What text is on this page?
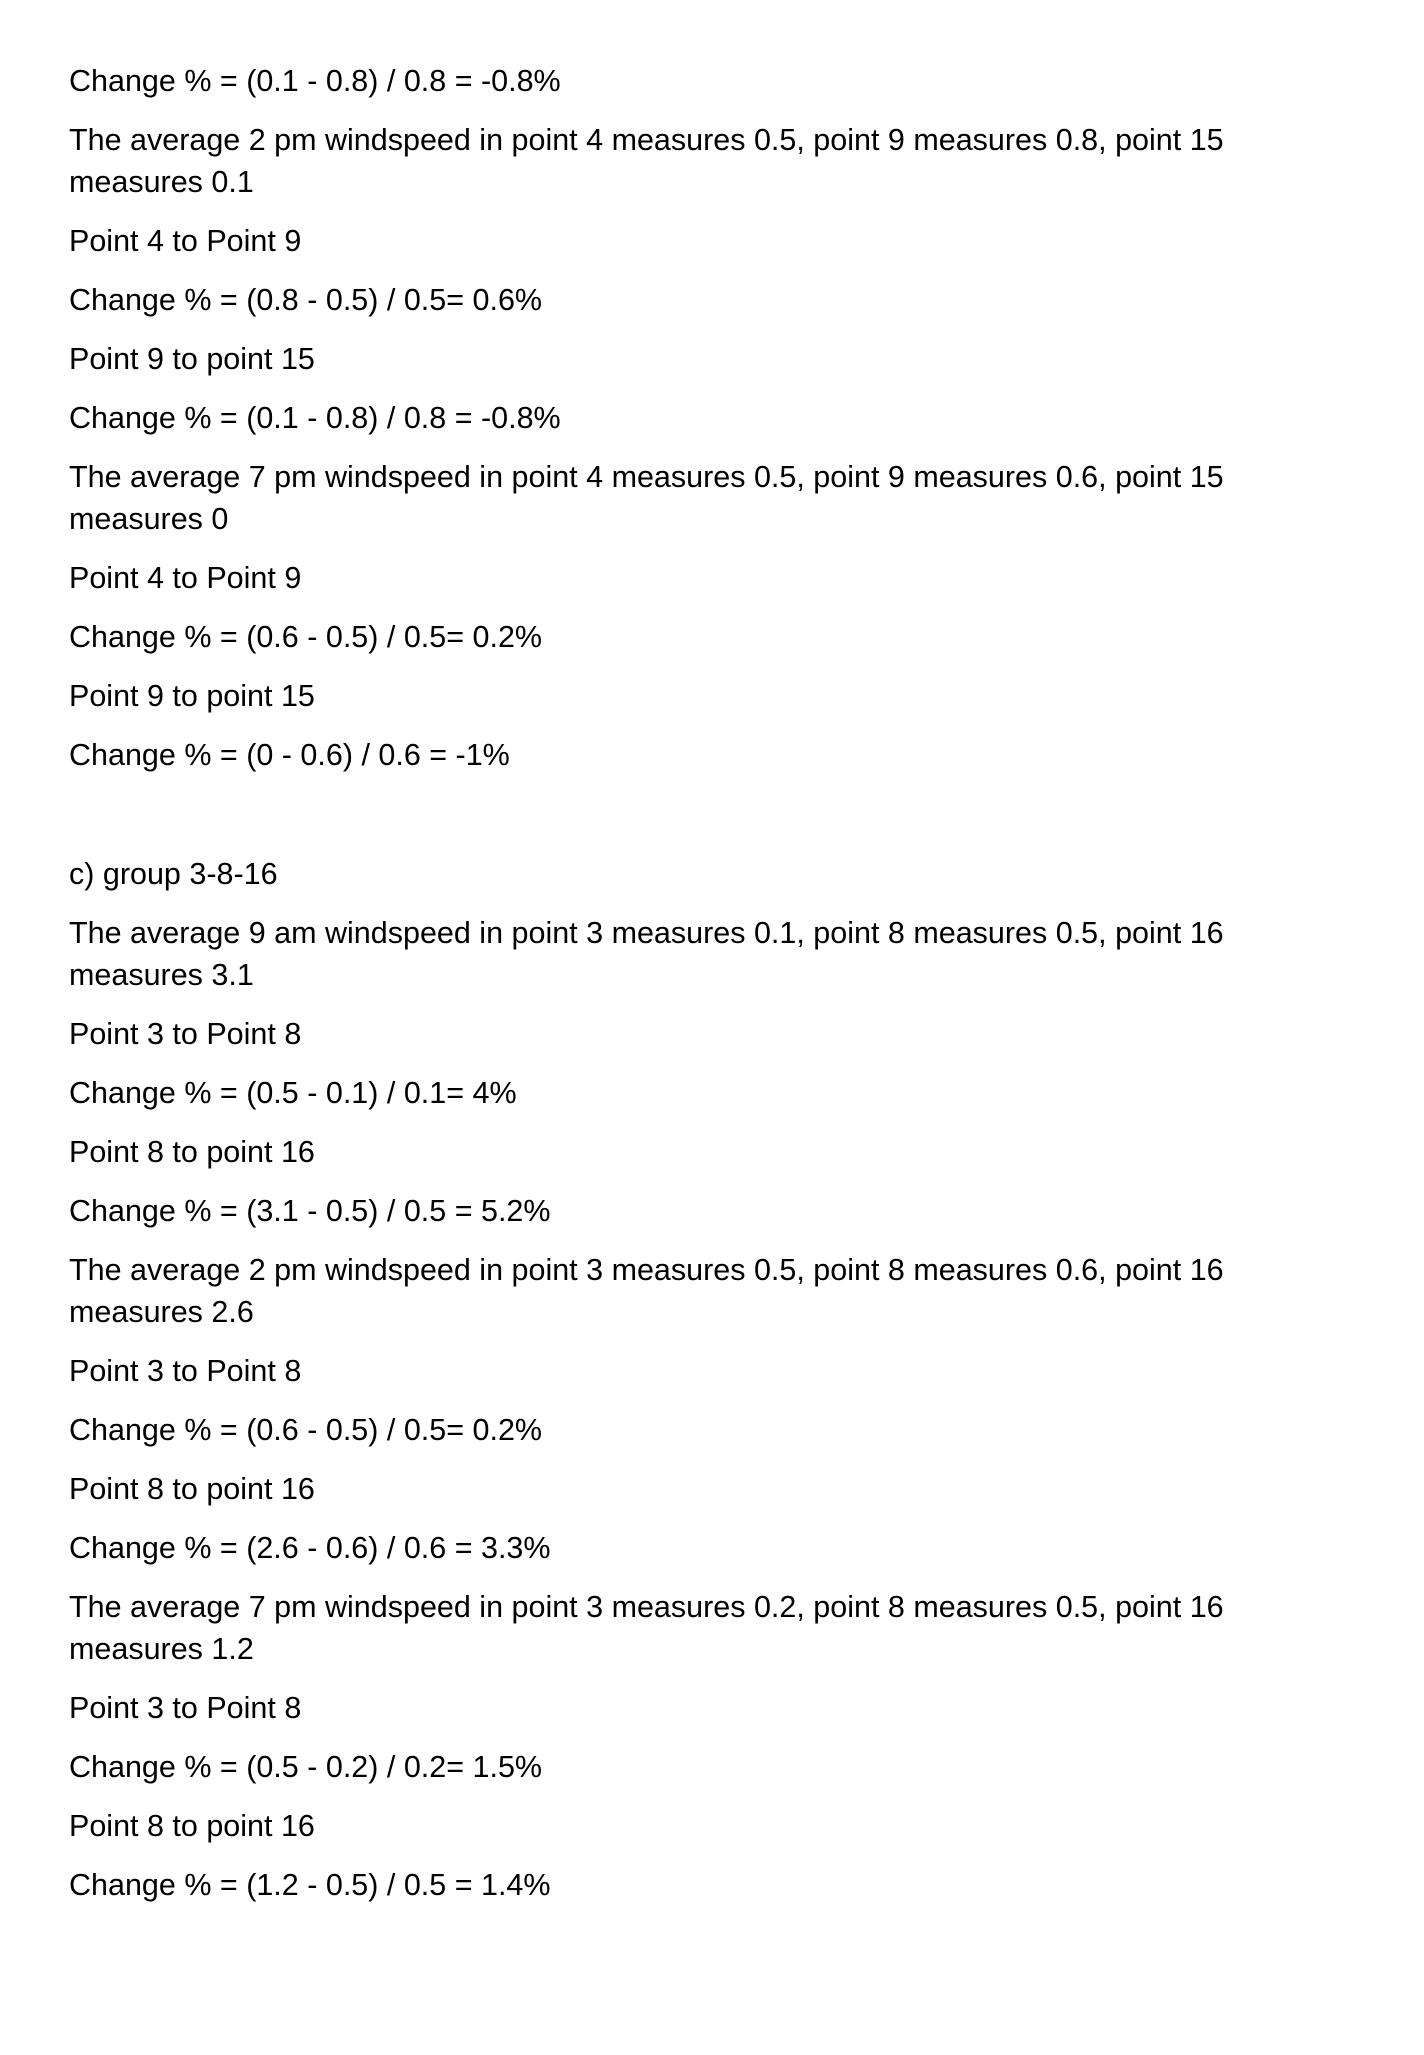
Change % = (0.1 - 0.8) / 0.8 = -0.8%

The average 2 pm windspeed in point 4 measures 0.5, point 9 measures 0.8, point 15 measures 0.1

Point 4 to Point 9

Change % = (0.8 - 0.5) / 0.5= 0.6%

Point 9 to point 15

Change % = (0.1 - 0.8) / 0.8 = -0.8%

The average 7 pm windspeed in point 4 measures 0.5, point 9 measures 0.6, point 15 measures 0

Point 4 to Point 9

Change % = (0.6 - 0.5) / 0.5= 0.2%

Point 9 to point 15

Change % = (0 - 0.6) / 0.6 = -1%

c) group 3-8-16

The average 9 am windspeed in point 3 measures 0.1, point 8 measures 0.5, point 16 measures 3.1

Point 3 to Point 8

Change % = (0.5 - 0.1) / 0.1= 4%

Point 8 to point 16

Change % = (3.1 - 0.5) / 0.5 = 5.2%

The average 2 pm windspeed in point 3 measures 0.5, point 8 measures 0.6, point 16 measures 2.6

Point 3 to Point 8

Change % = (0.6 - 0.5) / 0.5= 0.2%

Point 8 to point 16

Change % = (2.6 - 0.6) / 0.6 = 3.3%

The average 7 pm windspeed in point 3 measures 0.2, point 8 measures 0.5, point 16 measures 1.2

Point 3 to Point 8

Change % = (0.5 - 0.2) / 0.2= 1.5%

Point 8 to point 16

Change % = (1.2 - 0.5) / 0.5 = 1.4%
